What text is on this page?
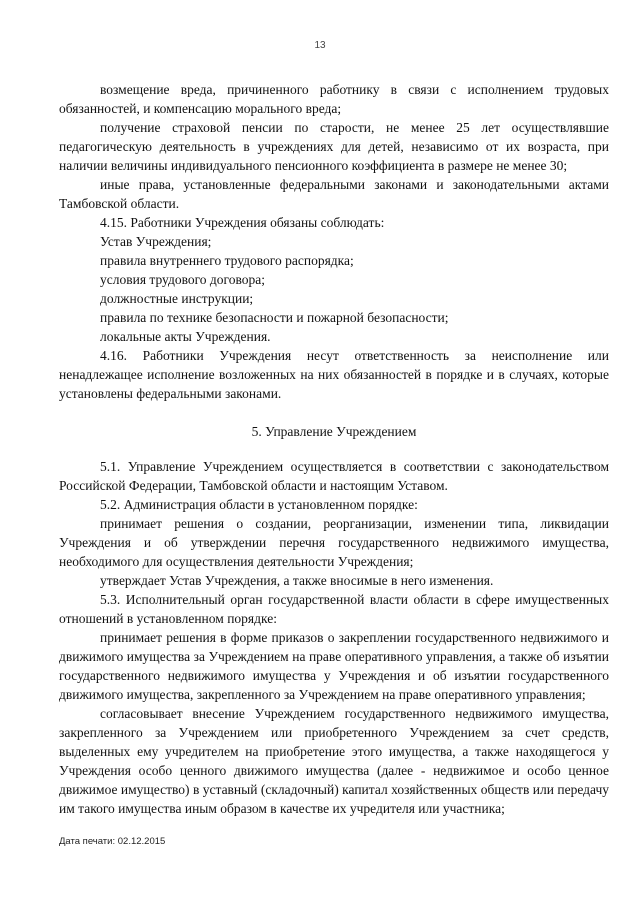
13

возмещение вреда, причиненного работнику в связи с исполнением трудовых обязанностей, и компенсацию морального вреда;

получение страховой пенсии по старости, не менее 25 лет осуществлявшие педагогическую деятельность в учреждениях для детей, независимо от их возраста, при наличии величины индивидуального пенсионного коэффициента в размере не менее 30;

иные права, установленные федеральными законами и законодательными актами Тамбовской области.

4.15. Работники Учреждения обязаны соблюдать:

Устав Учреждения;

правила внутреннего трудового распорядка;

условия трудового договора;

должностные инструкции;

правила по технике безопасности и пожарной безопасности;

локальные акты Учреждения.

4.16. Работники Учреждения несут ответственность за неисполнение или ненадлежащее исполнение возложенных на них обязанностей в порядке и в случаях, которые установлены федеральными законами.

5. Управление Учреждением

5.1. Управление Учреждением осуществляется в соответствии с законодательством Российской Федерации, Тамбовской области и настоящим Уставом.

5.2. Администрация области в установленном порядке:

принимает решения о создании, реорганизации, изменении типа, ликвидации Учреждения и об утверждении перечня государственного недвижимого имущества, необходимого для осуществления деятельности Учреждения;

утверждает Устав Учреждения, а также вносимые в него изменения.

5.3. Исполнительный орган государственной власти области в сфере имущественных отношений в установленном порядке:

принимает решения в форме приказов о закреплении государственного недвижимого и движимого имущества за Учреждением на праве оперативного управления, а также об изъятии государственного недвижимого имущества у Учреждения и об изъятии государственного движимого имущества, закрепленного за Учреждением на праве оперативного управления;

согласовывает внесение Учреждением государственного недвижимого имущества, закрепленного за Учреждением или приобретенного Учреждением за счет средств, выделенных ему учредителем на приобретение этого имущества, а также находящегося у Учреждения особо ценного движимого имущества (далее - недвижимое и особо ценное движимое имущество) в уставный (складочный) капитал хозяйственных обществ или передачу им такого имущества иным образом в качестве их учредителя или участника;

Дата печати: 02.12.2015
